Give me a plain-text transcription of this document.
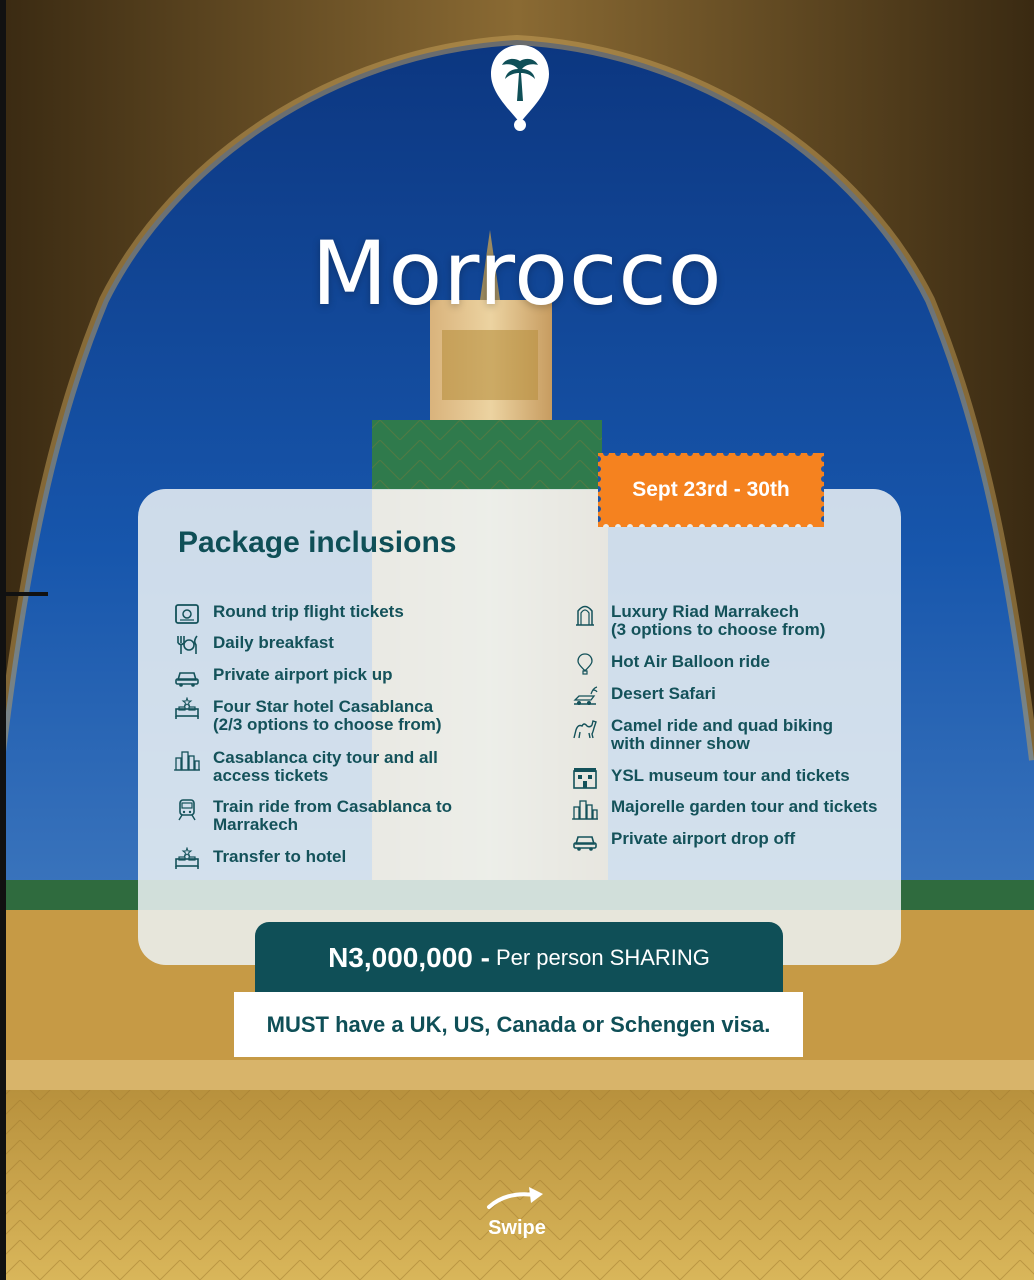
Morrocco
Package inclusions
Round trip flight tickets
Daily breakfast
Private airport pick up
Four Star hotel Casablanca
(2/3 options to choose from)
Casablanca city tour and all
access tickets
Train ride from Casablanca to
Marrakech
Transfer to hotel
Luxury Riad Marrakech
(3 options to choose from)
Hot Air Balloon ride
Desert Safari
Camel ride and quad biking
with dinner show
YSL museum tour and tickets
Majorelle garden tour and tickets
Private airport drop off
Sept 23rd - 30th
N3,000,000 - Per person SHARING
MUST have a UK, US, Canada or Schengen visa.
Swipe
